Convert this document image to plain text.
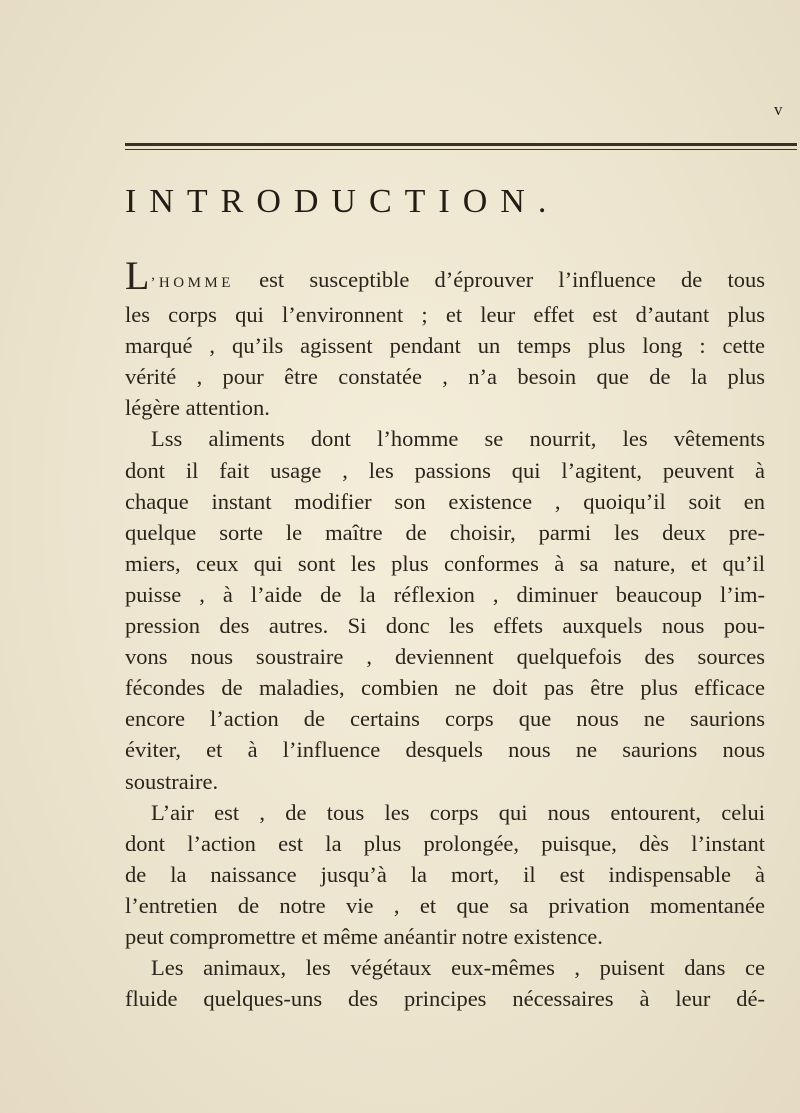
v
INTRODUCTION.
L’HOMME est susceptible d’éprouver l’influence de tous
les corps qui l’environnent ; et leur effet est d’autant plus
marqué , qu’ils agissent pendant un temps plus long : cette
vérité , pour être constatée , n’a besoin que de la plus
légère attention.
Lss aliments dont l’homme se nourrit, les vêtements
dont il fait usage , les passions qui l’agitent, peuvent à
chaque instant modifier son existence , quoiqu’il soit en
quelque sorte le maître de choisir, parmi les deux pre-
miers, ceux qui sont les plus conformes à sa nature, et qu’il
puisse , à l’aide de la réflexion , diminuer beaucoup l’im-
pression des autres. Si donc les effets auxquels nous pou-
vons nous soustraire , deviennent quelquefois des sources
fécondes de maladies, combien ne doit pas être plus efficace
encore l’action de certains corps que nous ne saurions
éviter, et à l’influence desquels nous ne saurions nous
soustraire.
L’air est , de tous les corps qui nous entourent, celui
dont l’action est la plus prolongée, puisque, dès l’instant
de la naissance jusqu’à la mort, il est indispensable à
l’entretien de notre vie , et que sa privation momentanée
peut compromettre et même anéantir notre existence.
Les animaux, les végétaux eux-mêmes , puisent dans ce
fluide quelques-uns des principes nécessaires à leur dé-
